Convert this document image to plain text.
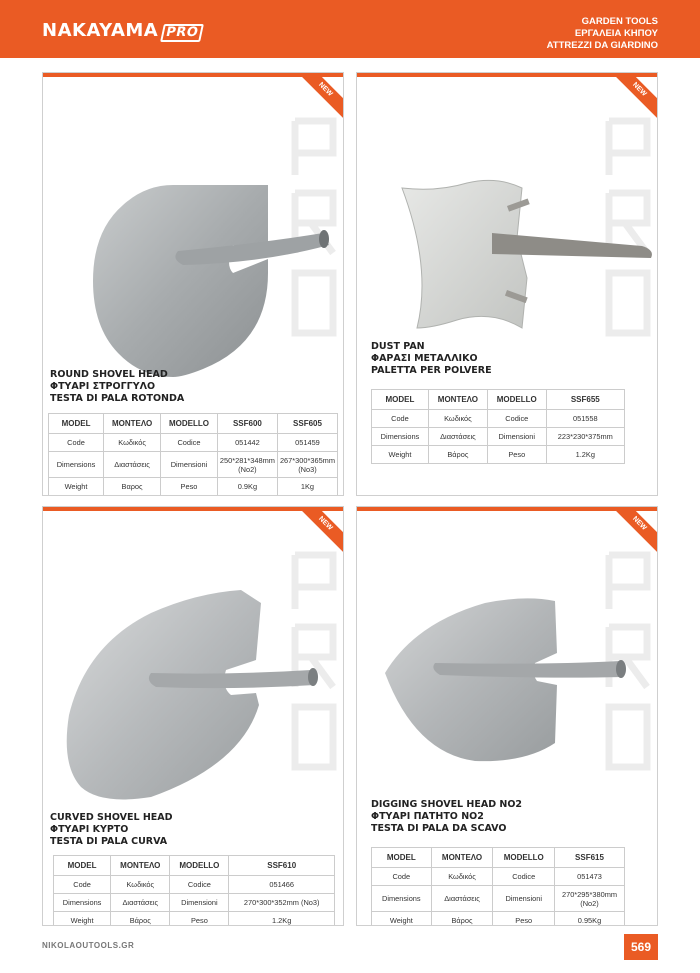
NAKAYAMA PRO
GARDEN TOOLS
ΕΡΓΑΛΕΙΑ ΚΗΠΟΥ
ATTREZZI DA GIARDINO
NEW
ROUND SHOVEL HEAD
ΦΤΥΑΡΙ ΣΤΡΟΓΓΥΛΟ
TESTA DI PALA ROTONDA
MODEL	ΜΟΝΤΕΛΟ	MODELLO	SSF600	SSF605
Code	Κωδικός	Codice	051442	051459
Dimensions	Διαστάσεις	Dimensioni	250*281*348mm (No2)	267*300*365mm (No3)
Weight	Βαρος	Peso	0.9Kg	1Kg
NEW
DUST PAN
ΦΑΡΑΣΙ ΜΕΤΑΛΛΙΚΟ
PALETTA PER POLVERE
MODEL	ΜΟΝΤΕΛΟ	MODELLO	SSF655
Code	Κωδικός	Codice	051558
Dimensions	Διαστάσεις	Dimensioni	223*230*375mm
Weight	Βάρος	Peso	1.2Kg
NEW
CURVED SHOVEL HEAD
ΦΤΥΑΡΙ ΚΥΡΤΟ
TESTA DI PALA CURVA
MODEL	ΜΟΝΤΕΛΟ	MODELLO	SSF610
Code	Κωδικός	Codice	051466
Dimensions	Διαστάσεις	Dimensioni	270*300*352mm (No3)
Weight	Βάρος	Peso	1.2Kg
NEW
DIGGING SHOVEL HEAD NO2
ΦΤΥΑΡΙ ΠΑΤΗΤΟ ΝΟ2
TESTA DI PALA DA SCAVO
MODEL	ΜΟΝΤΕΛΟ	MODELLO	SSF615
Code	Κωδικός	Codice	051473
Dimensions	Διαστάσεις	Dimensioni	270*295*380mm (No2)
Weight	Βάρος	Peso	0.95Kg
NIKOLAOUTOOLS.GR	569
